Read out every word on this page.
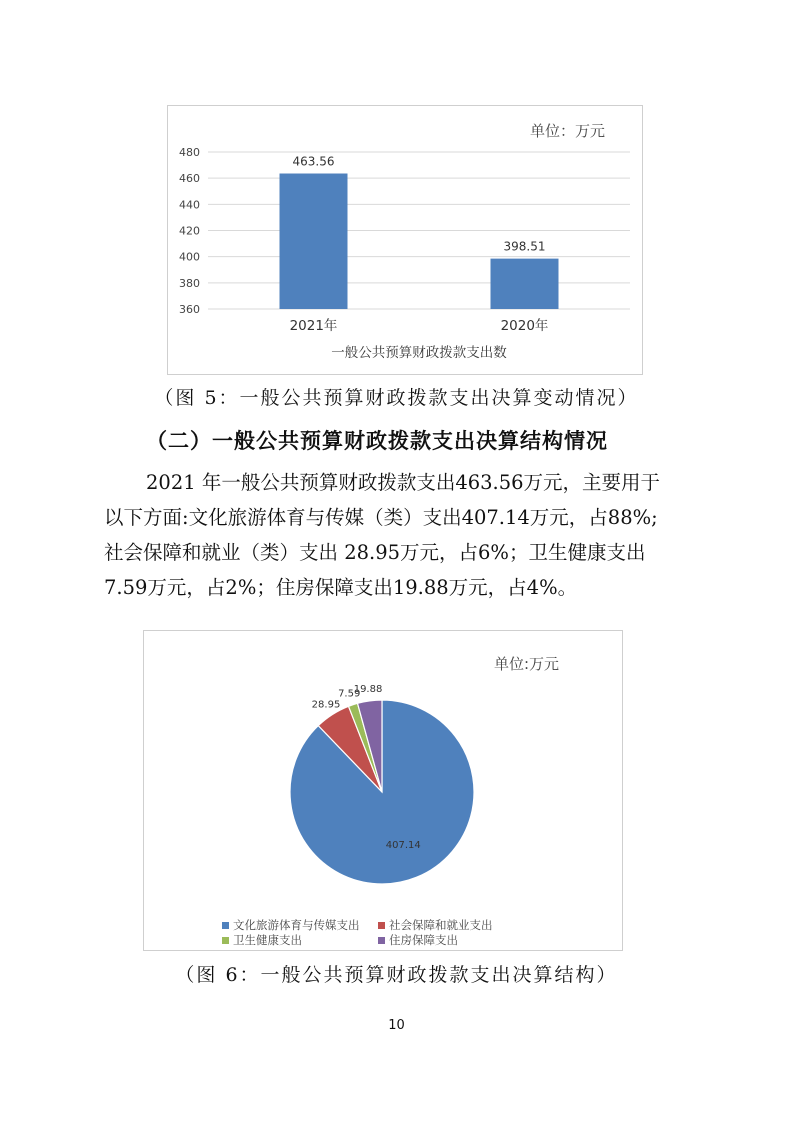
单位：万元
360
380
400
420
440
460
480
463.56
2021年
398.51
2020年
一般公共预算财政拨款支出数
（图 5：一般公共预算财政拨款支出决算变动情况）
（二）一般公共预算财政拨款支出决算结构情况

2021 年一般公共预算财政拨款支出463.56万元，主要用于

以下方面:文化旅游体育与传媒（类）支出407.14万元，占88%;

社会保障和就业（类）支出 28.95万元，占6%；卫生健康支出

7.59万元，占2%；住房保障支出19.88万元，占4%。

单位:万元
407.14
28.95
7.59
19.88
文化旅游体育与传媒支出	社会保障和就业支出
卫生健康支出	住房保障支出
（图 6：一般公共预算财政拨款支出决算结构）
10
